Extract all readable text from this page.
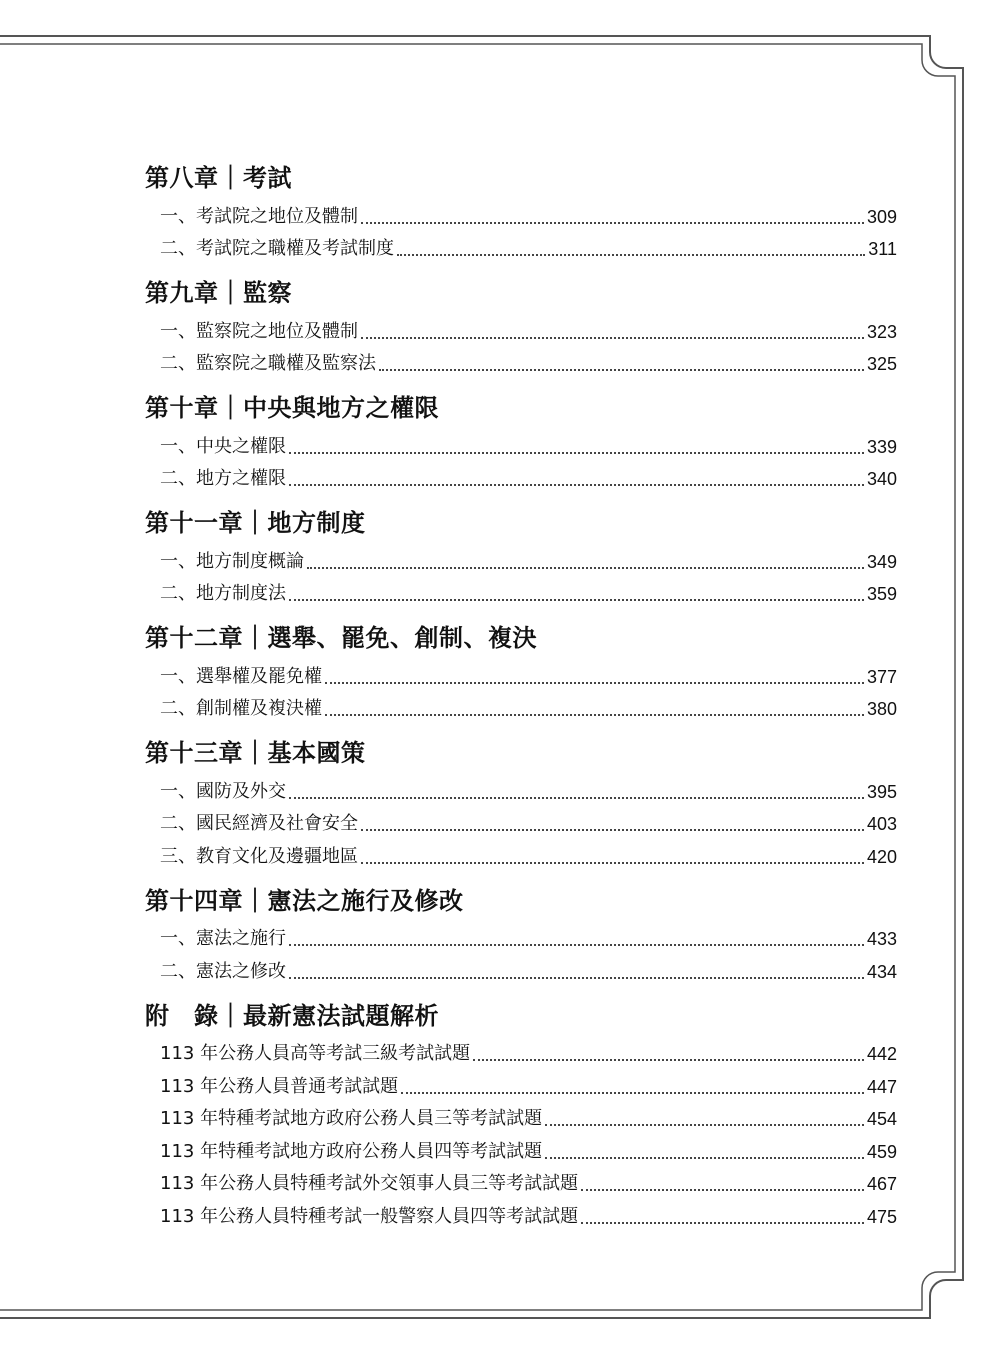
第八章｜考試
一、考試院之地位及體制	309
二、考試院之職權及考試制度	311
第九章｜監察
一、監察院之地位及體制	323
二、監察院之職權及監察法	325
第十章｜中央與地方之權限
一、中央之權限	339
二、地方之權限	340
第十一章｜地方制度
一、地方制度概論	349
二、地方制度法	359
第十二章｜選舉、罷免、創制、複決
一、選舉權及罷免權	377
二、創制權及複決權	380
第十三章｜基本國策
一、國防及外交	395
二、國民經濟及社會安全	403
三、教育文化及邊疆地區	420
第十四章｜憲法之施行及修改
一、憲法之施行	433
二、憲法之修改	434
附　錄｜最新憲法試題解析
113 年公務人員高等考試三級考試試題	442
113 年公務人員普通考試試題	447
113 年特種考試地方政府公務人員三等考試試題	454
113 年特種考試地方政府公務人員四等考試試題	459
113 年公務人員特種考試外交領事人員三等考試試題	467
113 年公務人員特種考試一般警察人員四等考試試題	475
